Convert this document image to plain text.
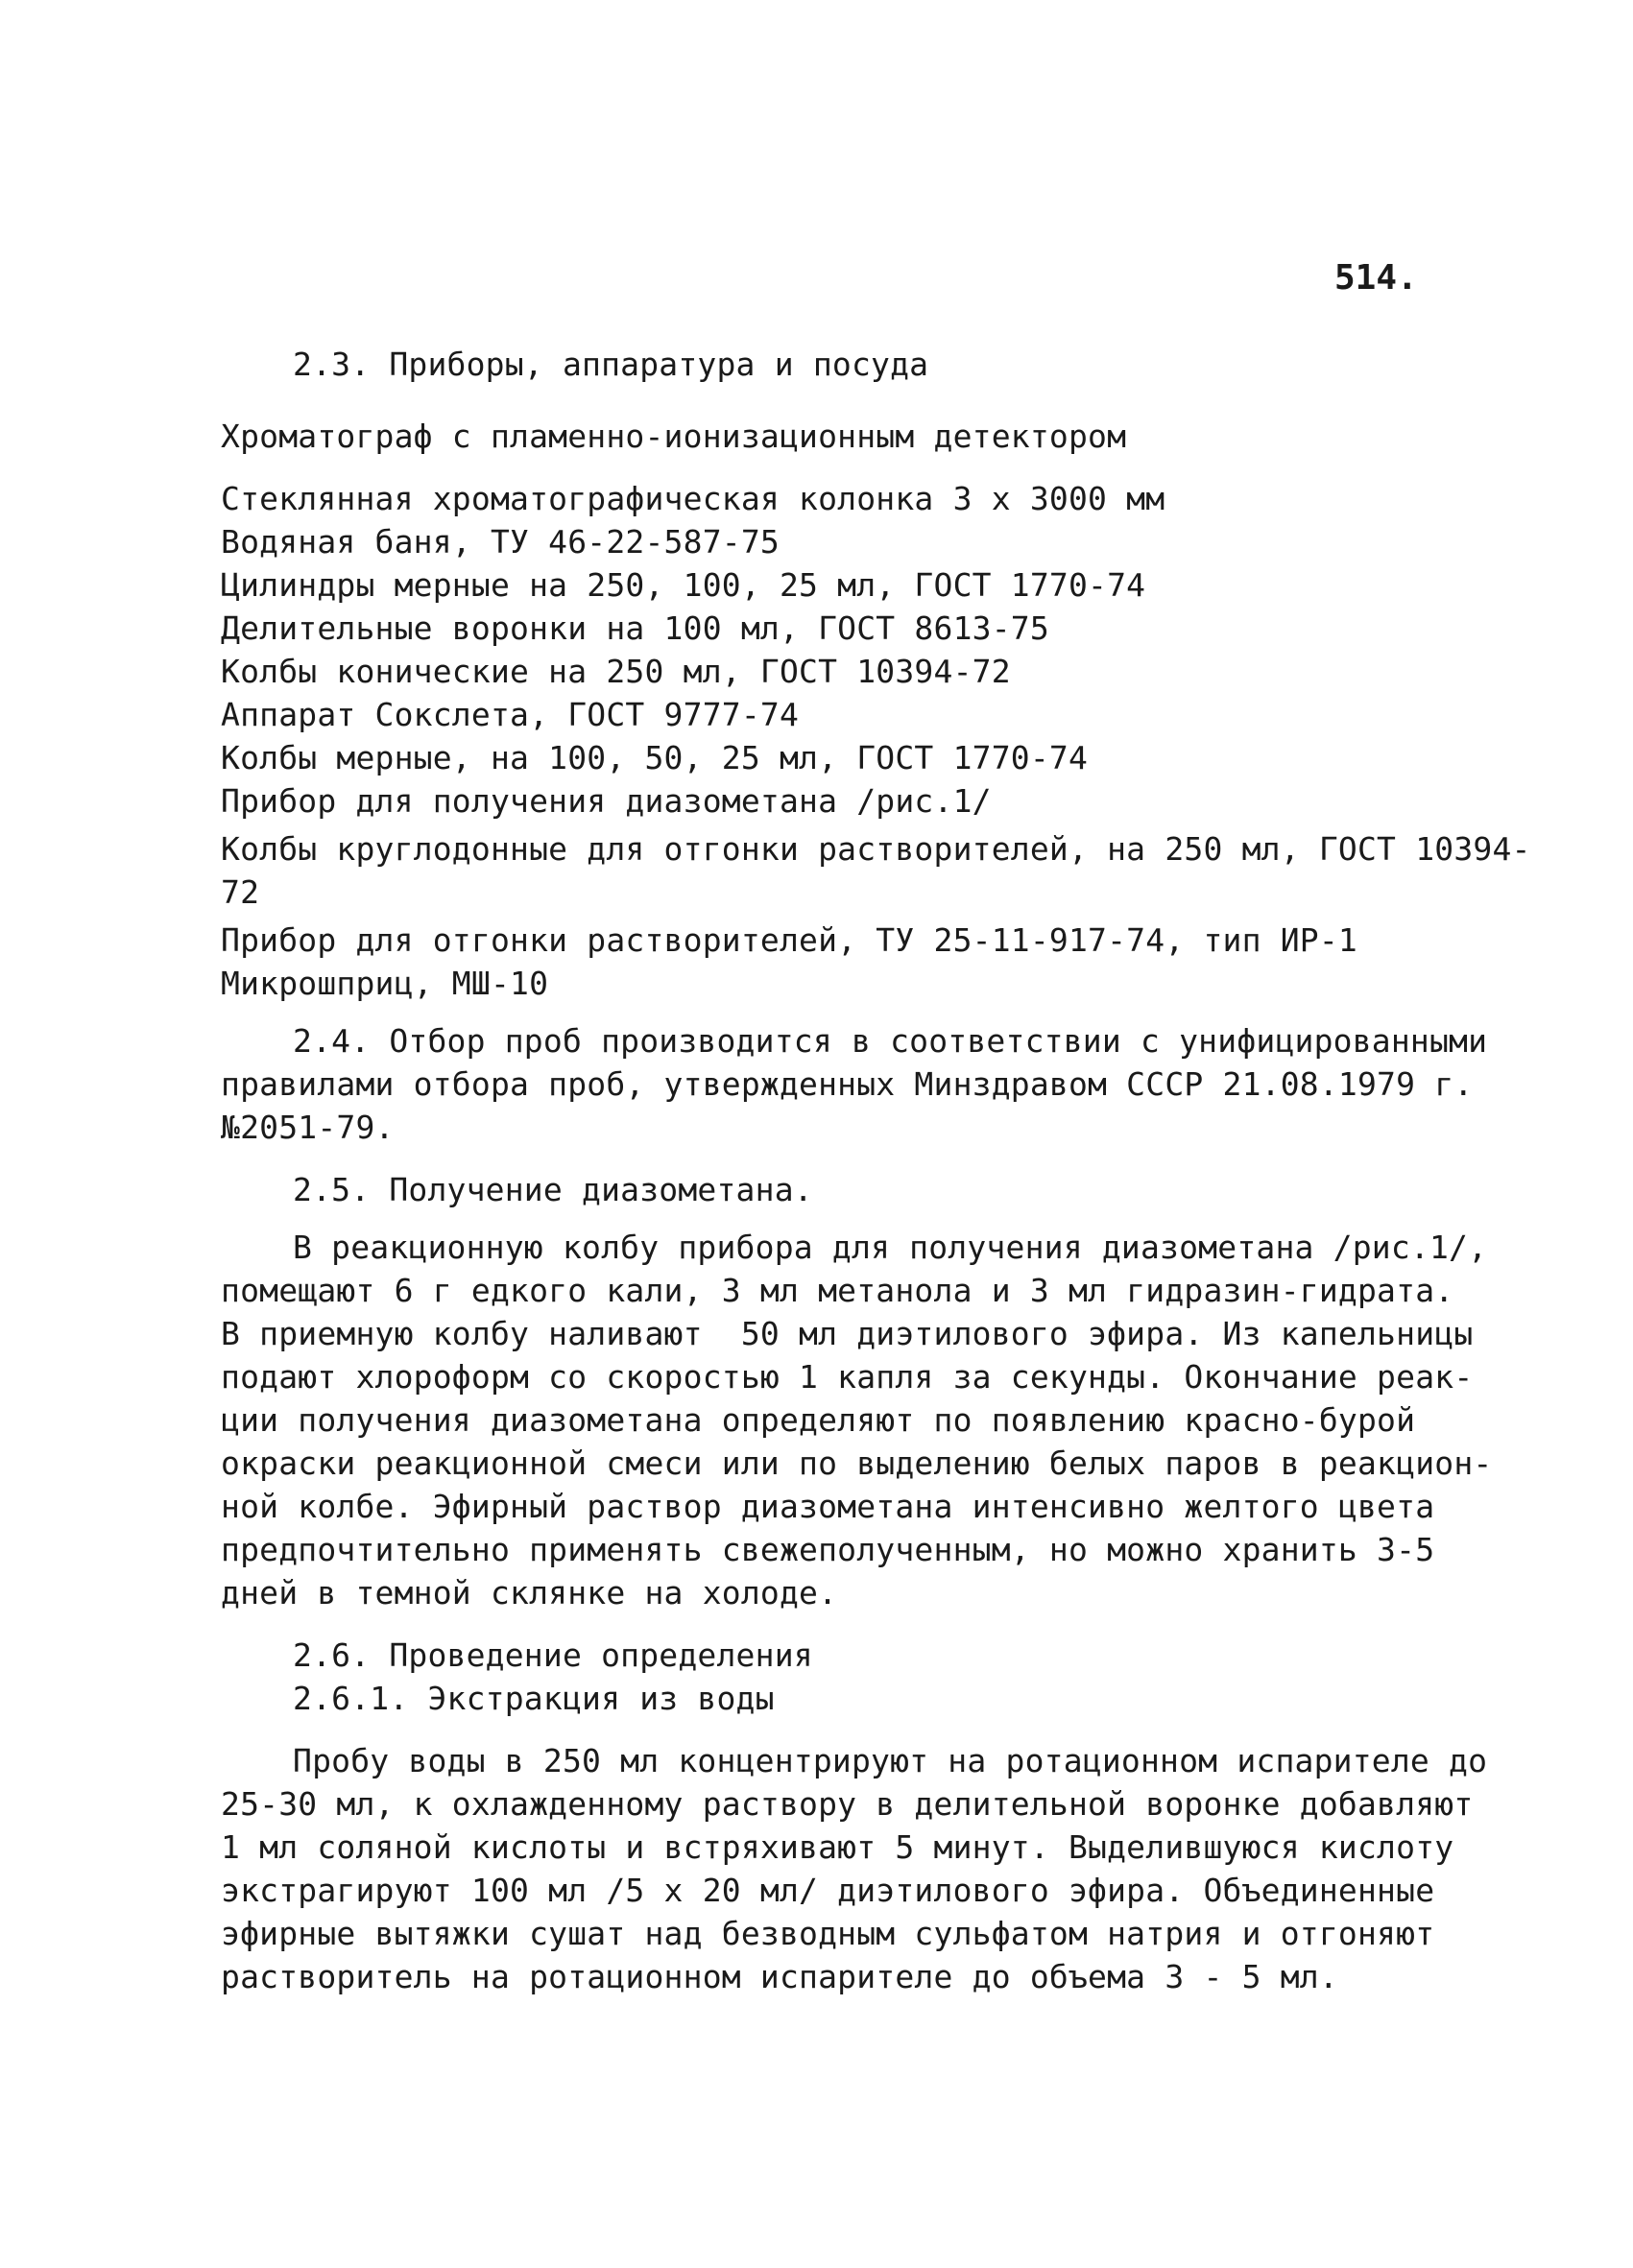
514.
2.3. Приборы, аппаратура и посуда
Хроматограф с пламенно-ионизационным детектором
Стеклянная хроматографическая колонка 3 х 3000 мм
Водяная баня, ТУ 46-22-587-75
Цилиндры мерные на 250, 100, 25 мл, ГОСТ 1770-74
Делительные воронки на 100 мл, ГОСТ 8613-75
Колбы конические на 250 мл, ГОСТ 10394-72
Аппарат Сокслета, ГОСТ 9777-74
Колбы мерные, на 100, 50, 25 мл, ГОСТ 1770-74
Прибор для получения диазометана /рис.1/
Колбы круглодонные для отгонки растворителей, на 250 мл, ГОСТ 10394-
72
Прибор для отгонки растворителей, ТУ 25-11-917-74, тип ИР-1
Микрошприц, МШ-10
2.4. Отбор проб производится в соответствии с унифицированными
правилами отбора проб, утвержденных Минздравом СССР 21.08.1979 г.
№2051-79.
2.5. Получение диазометана.
В реакционную колбу прибора для получения диазометана /рис.1/,
помещают 6 г едкого кали, 3 мл метанола и 3 мл гидразин-гидрата.
В приемную колбу наливают  50 мл диэтилового эфира. Из капельницы
подают хлороформ со скоростью 1 капля за секунды. Окончание реак-
ции получения диазометана определяют по появлению красно-бурой
окраски реакционной смеси или по выделению белых паров в реакцион-
ной колбе. Эфирный раствор диазометана интенсивно желтого цвета
предпочтительно применять свежеполученным, но можно хранить 3-5
дней в темной склянке на холоде.
2.6. Проведение определения
2.6.1. Экстракция из воды
Пробу воды в 250 мл концентрируют на ротационном испарителе до
25-30 мл, к охлажденному раствору в делительной воронке добавляют
1 мл соляной кислоты и встряхивают 5 минут. Выделившуюся кислоту
экстрагируют 100 мл /5 х 20 мл/ диэтилового эфира. Объединенные
эфирные вытяжки сушат над безводным сульфатом натрия и отгоняют
растворитель на ротационном испарителе до объема 3 - 5 мл.
